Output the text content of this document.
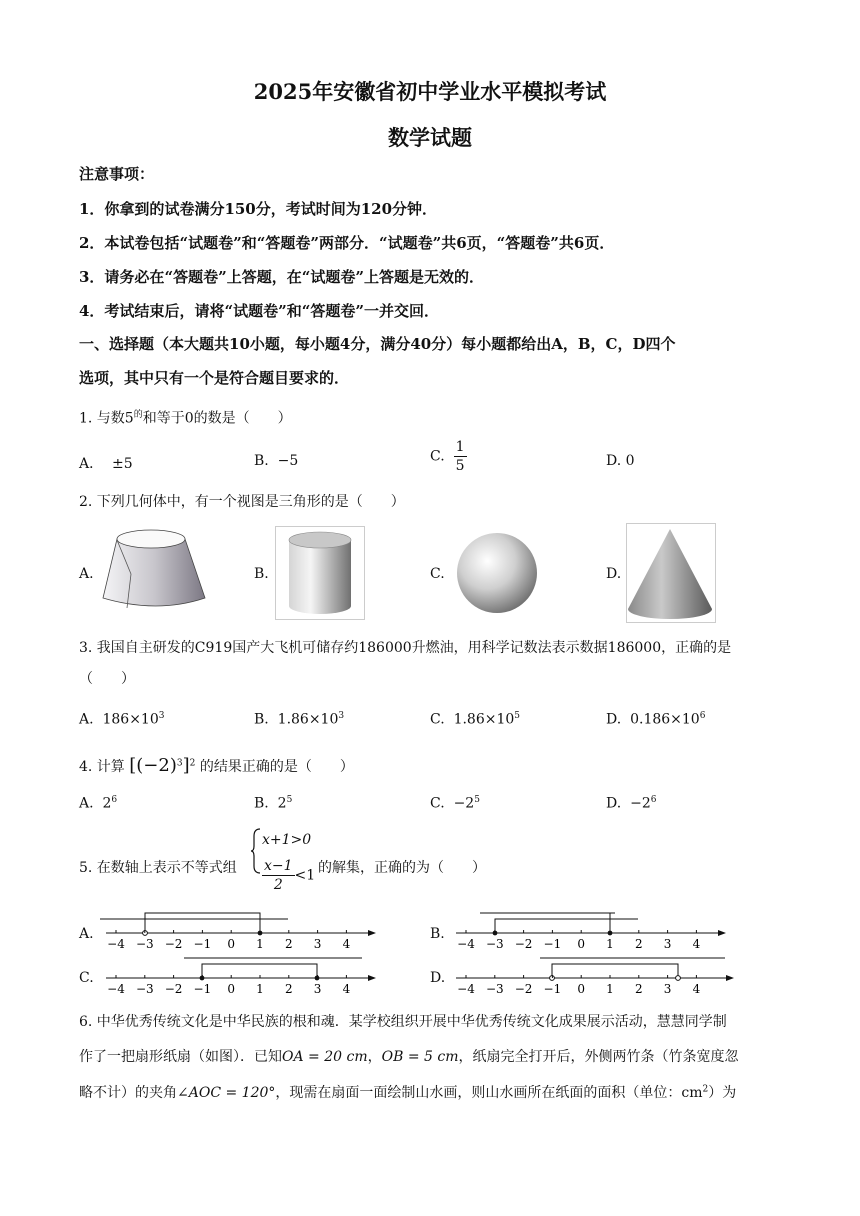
2025年安徽省初中学业水平模拟考试
数学试题
注意事项：
1．你拿到的试卷满分150分，考试时间为120分钟．
2．本试卷包括“试题卷”和“答题卷”两部分．“试题卷”共6页，“答题卷”共6页．
3．请务必在“答题卷”上答题，在“试题卷”上答题是无效的．
4．考试结束后，请将“试题卷”和“答题卷”一并交回．
一、选择题（本大题共10小题，每小题4分，满分40分）每小题都给出A，B，C，D四个
选项，其中只有一个是符合题目要求的．
1. 与数$5^的$和等于0的数是（　　）
A． ±5	B. −5	C. $\frac{1}{5}$	D. 0
2. 下列几何体中，有一个视图是三角形的是（　　）
A.	B.	C.	D.
3. 我国自主研发的C919国产大飞机可储存约186000升燃油，用科学记数法表示数据186000，正确的是
（　　）
A. $186\times 10^3$	B. $1.86\times 10^3$	C. $1.86\times 10^5$	D. $0.186\times 10^6$
4. 计算 $[(-2)^3]^2$ 的结果正确的是（　　）
A. $2^6$	B. $2^5$	C. $-2^5$	D. $-2^6$
5. 在数轴上表示不等式组
x+1>0
$\frac{x-1}{2} <1$ 的解集，正确的为（　　）
A.	B.
C.	D.
−4 −3 −2 −1 0 1 2 3 4	−4 −3 −2 −1 0 1 2 3 4
−4 −3 −2 −1 0 1 2 3 4	−4 −3 −2 −1 0 1 2 3 4
6. 中华优秀传统文化是中华民族的根和魂．某学校组织开展中华优秀传统文化成果展示活动，慧慧同学制
作了一把扇形纸扇（如图）．已知OA = 20 cm，OB = 5 cm，纸扇完全打开后，外侧两竹条（竹条宽度忽
略不计）的夹角∠AOC = 120°，现需在扇面一面绘制山水画，则山水画所在纸面的面积（单位：$cm^2$）为
